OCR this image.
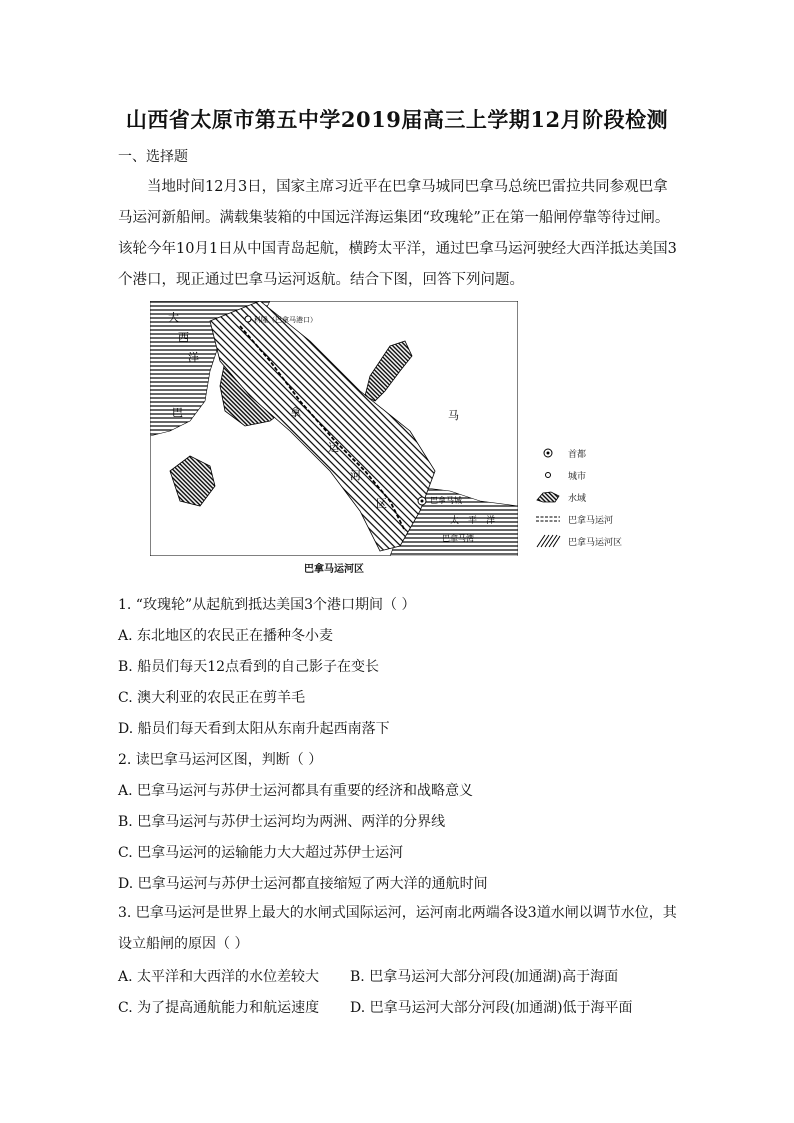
山西省太原市第五中学2019届高三上学期12月阶段检测
一、选择题
当地时间12月3日，国家主席习近平在巴拿马城同巴拿马总统巴雷拉共同参观巴拿马运河新船闸。满载集装箱的中国远洋海运集团“玫瑰轮”正在第一船闸停靠等待过闸。该轮今年10月1日从中国青岛起航，横跨太平洋，通过巴拿马运河驶经大西洋抵达美国3个港口，现正通过巴拿马运河返航。结合下图，回答下列问题。
科隆（巴拿马港口）
大
西
洋
巴	马
拿
运
河
区	巴拿马城
太 平 洋
巴拿马湾
首都
城市
水域
巴拿马运河
巴拿马运河区
巴拿马运河区
1. “玫瑰轮”从起航到抵达美国3个港口期间（ ）
A. 东北地区的农民正在播种冬小麦
B. 船员们每天12点看到的自己影子在变长
C. 澳大利亚的农民正在剪羊毛
D. 船员们每天看到太阳从东南升起西南落下
2. 读巴拿马运河区图，判断（ ）
A. 巴拿马运河与苏伊士运河都具有重要的经济和战略意义
B. 巴拿马运河与苏伊士运河均为两洲、两洋的分界线
C. 巴拿马运河的运输能力大大超过苏伊士运河
D. 巴拿马运河与苏伊士运河都直接缩短了两大洋的通航时间
3. 巴拿马运河是世界上最大的水闸式国际运河，运河南北两端各设3道水闸以调节水位，其设立船闸的原因（ ）
A. 太平洋和大西洋的水位差较大 B. 巴拿马运河大部分河段(加通湖)高于海面
C. 为了提高通航能力和航运速度 D. 巴拿马运河大部分河段(加通湖)低于海平面
